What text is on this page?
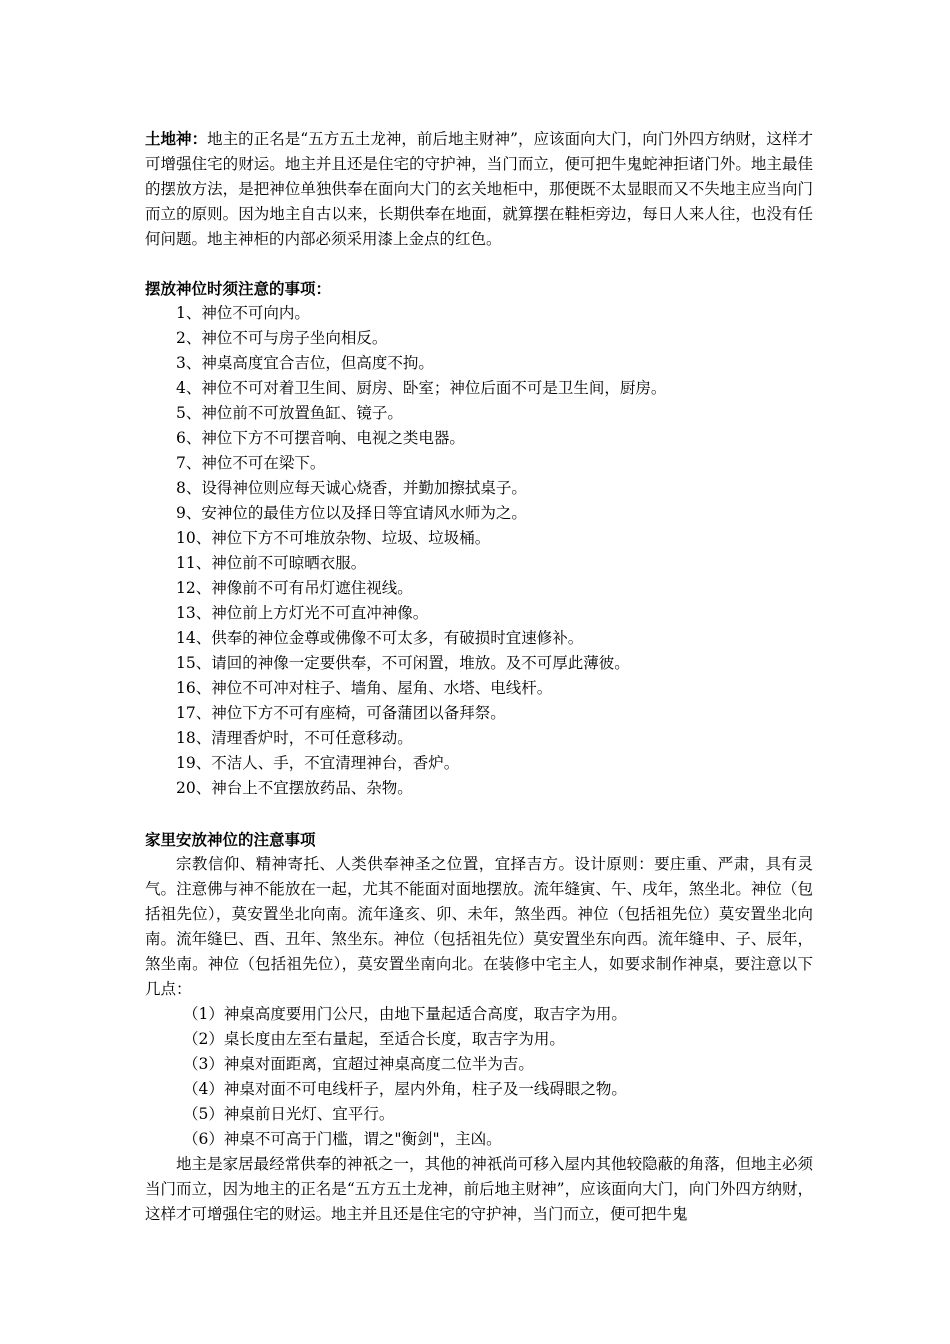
土地神：地主的正名是“五方五土龙神，前后地主财神”，应该面向大门，向门外四方纳财，这样才可增强住宅的财运。地主并且还是住宅的守护神，当门而立，便可把牛鬼蛇神拒诸门外。地主最佳的摆放方法，是把神位单独供奉在面向大门的玄关地柜中，那便既不太显眼而又不失地主应当向门而立的原则。因为地主自古以来，长期供奉在地面，就算摆在鞋柜旁边，每日人来人往，也没有任何问题。地主神柜的内部必须采用漆上金点的红色。

摆放神位时须注意的事项：

1、神位不可向内。
2、神位不可与房子坐向相反。
3、神桌高度宜合吉位，但高度不拘。
4、神位不可对着卫生间、厨房、卧室；神位后面不可是卫生间，厨房。
5、神位前不可放置鱼缸、镜子。
6、神位下方不可摆音响、电视之类电器。
7、神位不可在梁下。
8、设得神位则应每天诚心烧香，并勤加擦拭桌子。
9、安神位的最佳方位以及择日等宜请风水师为之。
10、神位下方不可堆放杂物、垃圾、垃圾桶。
11、神位前不可晾晒衣服。
12、神像前不可有吊灯遮住视线。
13、神位前上方灯光不可直冲神像。
14、供奉的神位金尊或佛像不可太多，有破损时宜速修补。
15、请回的神像一定要供奉，不可闲置，堆放。及不可厚此薄彼。
16、神位不可冲对柱子、墙角、屋角、水塔、电线杆。
17、神位下方不可有座椅，可备蒲团以备拜祭。
18、清理香炉时，不可任意移动。
19、不洁人、手，不宜清理神台，香炉。
20、神台上不宜摆放药品、杂物。

家里安放神位的注意事项

宗教信仰、精神寄托、人类供奉神圣之位置，宜择吉方。设计原则：要庄重、严肃，具有灵气。注意佛与神不能放在一起，尤其不能面对面地摆放。流年缝寅、午、戌年，煞坐北。神位（包括祖先位），莫安置坐北向南。流年逢亥、卯、未年，煞坐西。神位（包括祖先位）莫安置坐北向南。流年缝巳、酉、丑年、煞坐东。神位（包括祖先位）莫安置坐东向西。流年缝申、子、辰年，煞坐南。神位（包括祖先位），莫安置坐南向北。在装修中宅主人，如要求制作神桌，要注意以下几点：

（1）神桌高度要用门公尺，由地下量起适合高度，取吉字为用。
（2）桌长度由左至右量起，至适合长度，取吉字为用。
（3）神桌对面距离，宜超过神桌高度二位半为吉。
（4）神桌对面不可电线杆子，屋内外角，柱子及一线碍眼之物。
（5）神桌前日光灯、宜平行。
（6）神桌不可高于门槛，谓之"衡剑"，主凶。

地主是家居最经常供奉的神祇之一，其他的神祇尚可移入屋内其他较隐蔽的角落，但地主必须当门而立，因为地主的正名是“五方五土龙神，前后地主财神”，应该面向大门，向门外四方纳财，这样才可增强住宅的财运。地主并且还是住宅的守护神，当门而立，便可把牛鬼
